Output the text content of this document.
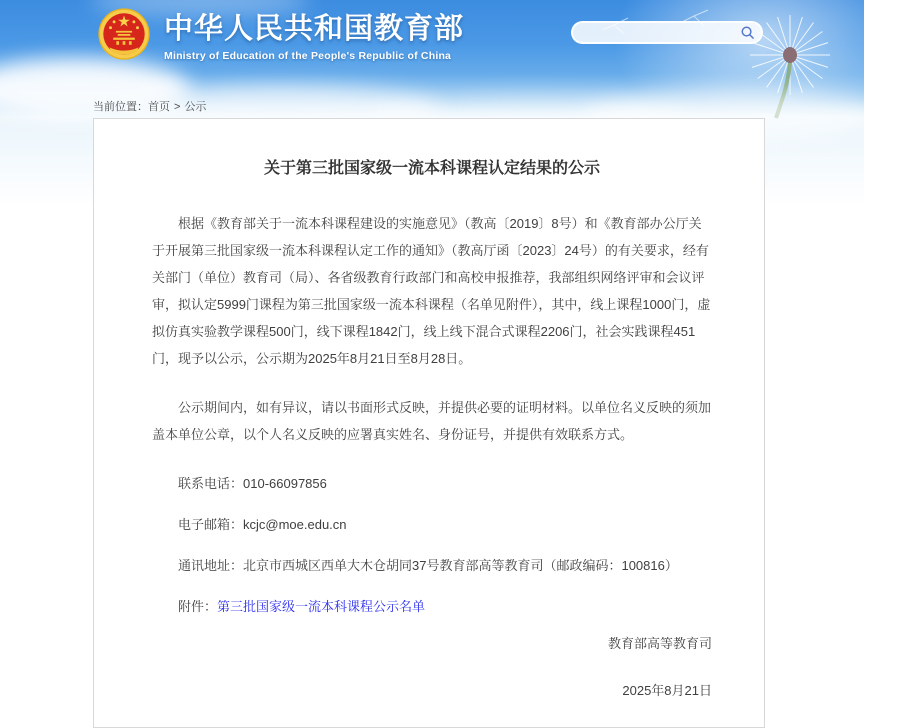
中华人民共和国教育部
Ministry of Education of the People's Republic of China
当前位置：首页 > 公示
关于第三批国家级一流本科课程认定结果的公示

根据《教育部关于一流本科课程建设的实施意见》（教高〔2019〕8号）和《教育部办公厅关于开展第三批国家级一流本科课程认定工作的通知》（教高厅函〔2023〕24号）的有关要求，经有关部门（单位）教育司（局）、各省级教育行政部门和高校申报推荐，我部组织网络评审和会议评审，拟认定5999门课程为第三批国家级一流本科课程（名单见附件），其中，线上课程1000门，虚拟仿真实验教学课程500门，线下课程1842门，线上线下混合式课程2206门，社会实践课程451门，现予以公示，公示期为2025年8月21日至8月28日。

公示期间内，如有异议，请以书面形式反映，并提供必要的证明材料。以单位名义反映的须加盖本单位公章，以个人名义反映的应署真实姓名、身份证号，并提供有效联系方式。

联系电话：010-66097856

电子邮箱：kcjc@moe.edu.cn

通讯地址：北京市西城区西单大木仓胡同37号教育部高等教育司（邮政编码：100816）

附件：第三批国家级一流本科课程公示名单

教育部高等教育司
2025年8月21日
